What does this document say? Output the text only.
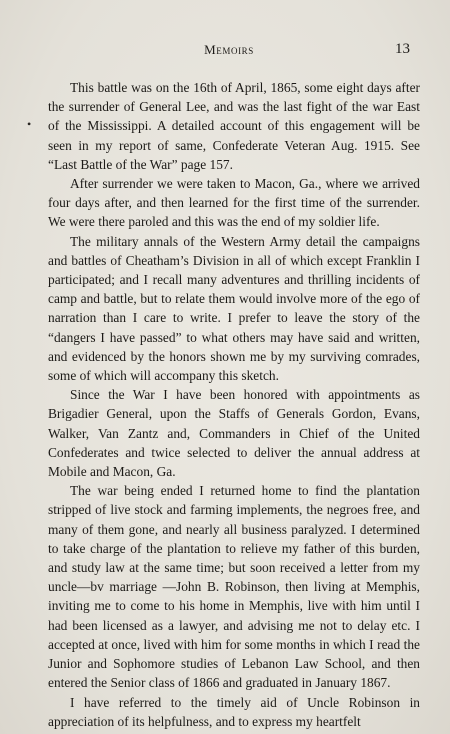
Memoirs	13
•

This battle was on the 16th of April, 1865, some eight days after the surrender of General Lee, and was the last fight of the war East of the Mississippi. A detailed account of this engagement will be seen in my report of same, Confederate Veteran Aug. 1915. See “Last Battle of the War” page 157.

After surrender we were taken to Macon, Ga., where we arrived four days after, and then learned for the first time of the surrender. We were there paroled and this was the end of my soldier life.

The military annals of the Western Army detail the campaigns and battles of Cheatham’s Division in all of which except Franklin I participated; and I recall many adventures and thrilling incidents of camp and battle, but to relate them would involve more of the ego of narration than I care to write. I prefer to leave the story of the “dangers I have passed” to what others may have said and written, and evidenced by the honors shown me by my surviving comrades, some of which will accompany this sketch.

Since the War I have been honored with appointments as Brigadier General, upon the Staffs of Generals Gordon, Evans, Walker, Van Zantz and, Commanders in Chief of the United Confederates and twice selected to deliver the annual address at Mobile and Macon, Ga.

The war being ended I returned home to find the plantation stripped of live stock and farming implements, the negroes free, and many of them gone, and nearly all business paralyzed. I determined to take charge of the plantation to relieve my father of this burden, and study law at the same time; but soon received a letter from my uncle—bv marriage —John B. Robinson, then living at Memphis, inviting me to come to his home in Memphis, live with him until I had been licensed as a lawyer, and advising me not to delay etc. I accepted at once, lived with him for some months in which I read the Junior and Sophomore studies of Lebanon Law School, and then entered the Senior class of 1866 and graduated in January 1867.

I have referred to the timely aid of Uncle Robinson in appreciation of its helpfulness, and to express my heartfelt
